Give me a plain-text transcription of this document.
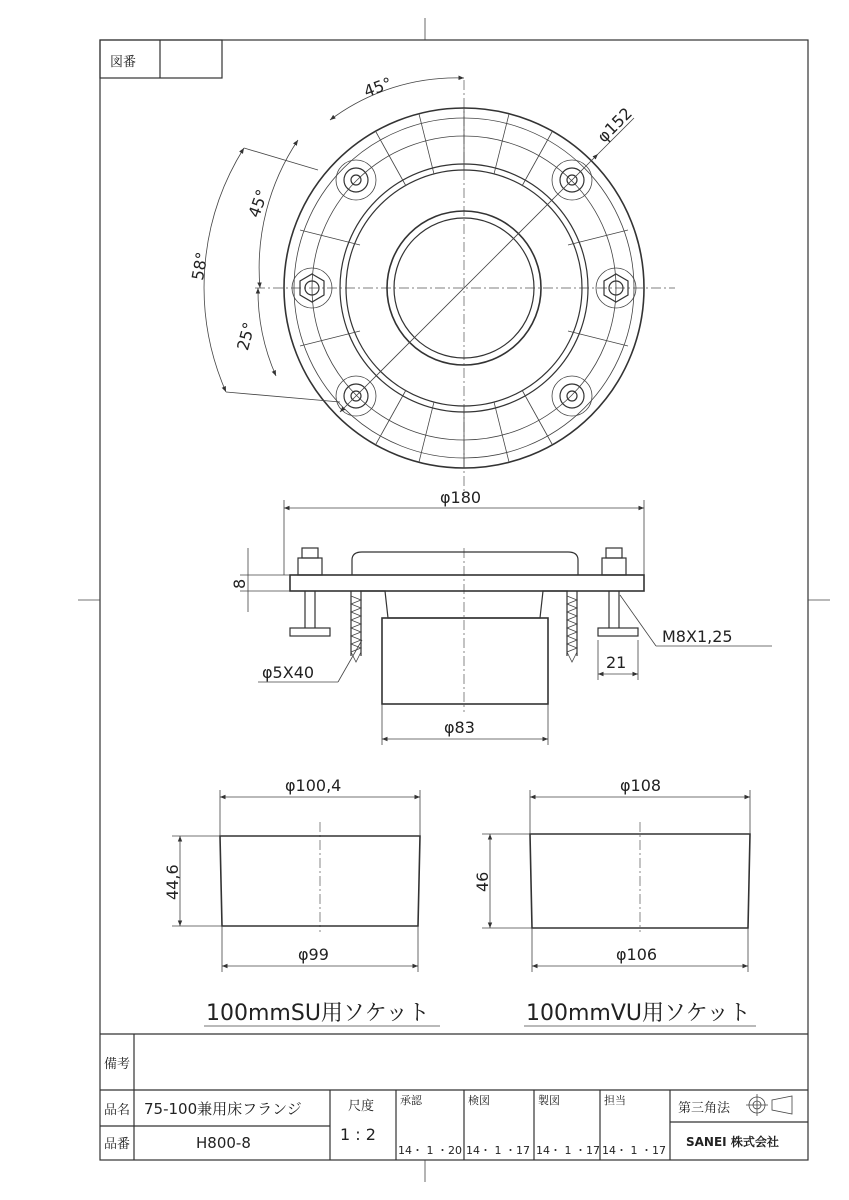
図番
φ152
45°
45°
58°
25°
φ180
8
M8X1,25
21
φ5X40
φ83
φ100,4
44,6
φ99
100mmSU用ソケット
φ108
46
φ106
100mmVU用ソケット
備考
品名 75-100兼用床フランジ
品番	H800-8
尺度
1 : 2
承認
14・ 1 ・20
検図
14・ 1 ・17
製図
14・ 1 ・17
担当
14・ 1 ・17
第三角法
SANEI 株式会社
